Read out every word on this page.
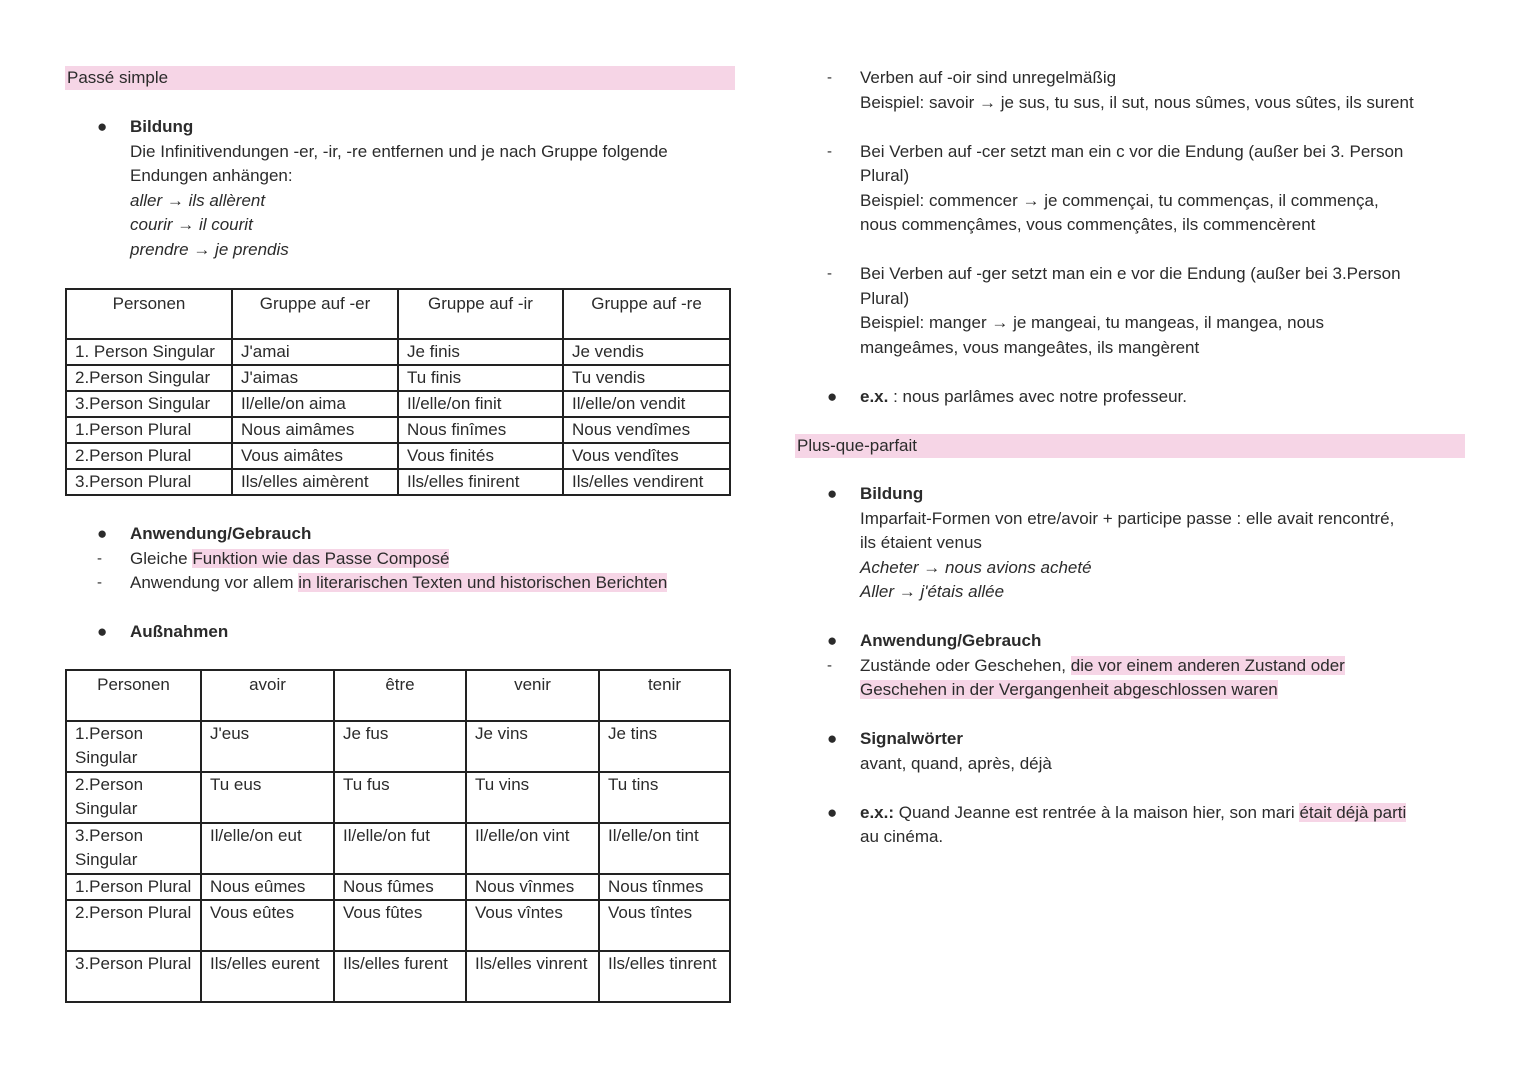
Passé simple
● Bildung
Die Infinitivendungen -er, -ir, -re entfernen und je nach Gruppe folgende
Endungen anhängen:
aller → ils allèrent
courir → il courit
prendre → je prendis
Personen	Gruppe auf -er	Gruppe auf -ir	Gruppe auf -re
1. Person Singular	J'amai	Je finis	Je vendis
2.Person Singular	J'aimas	Tu finis	Tu vendis
3.Person Singular	Il/elle/on aima	Il/elle/on finit	Il/elle/on vendit
1.Person Plural	Nous aimâmes	Nous finîmes	Nous vendîmes
2.Person Plural	Vous aimâtes	Vous finités	Vous vendîtes
3.Person Plural	Ils/elles aimèrent	Ils/elles finirent	Ils/elles vendirent
● Anwendung/Gebrauch
- Gleiche Funktion wie das Passe Composé
- Anwendung vor allem in literarischen Texten und historischen Berichten
● Außnahmen
Personen	avoir	être	venir	tenir
1.Person Singular	J'eus	Je fus	Je vins	Je tins
2.Person Singular	Tu eus	Tu fus	Tu vins	Tu tins
3.Person Singular	Il/elle/on eut	Il/elle/on fut	Il/elle/on vint	Il/elle/on tint
1.Person Plural	Nous eûmes	Nous fûmes	Nous vînmes	Nous tînmes
2.Person Plural	Vous eûtes	Vous fûtes	Vous vîntes	Vous tîntes
3.Person Plural	Ils/elles eurent	Ils/elles furent	Ils/elles vinrent	Ils/elles tinrent
- Verben auf -oir sind unregelmäßig
Beispiel: savoir → je sus, tu sus, il sut, nous sûmes, vous sûtes, ils surent
- Bei Verben auf -cer setzt man ein c vor die Endung (außer bei 3. Person
Plural)
Beispiel: commencer → je commençai, tu commenças, il commença,
nous commençâmes, vous commençâtes, ils commencèrent
- Bei Verben auf -ger setzt man ein e vor die Endung (außer bei 3.Person
Plural)
Beispiel: manger → je mangeai, tu mangeas, il mangea, nous
mangeâmes, vous mangeâtes, ils mangèrent
● e.x. : nous parlâmes avec notre professeur.
Plus-que-parfait
● Bildung
Imparfait-Formen von etre/avoir + participe passe : elle avait rencontré,
ils étaient venus
Acheter → nous avions acheté
Aller → j'étais allée
● Anwendung/Gebrauch
- Zustände oder Geschehen, die vor einem anderen Zustand oder
Geschehen in der Vergangenheit abgeschlossen waren
● Signalwörter
avant, quand, après, déjà
● e.x.: Quand Jeanne est rentrée à la maison hier, son mari était déjà parti
au cinéma.
